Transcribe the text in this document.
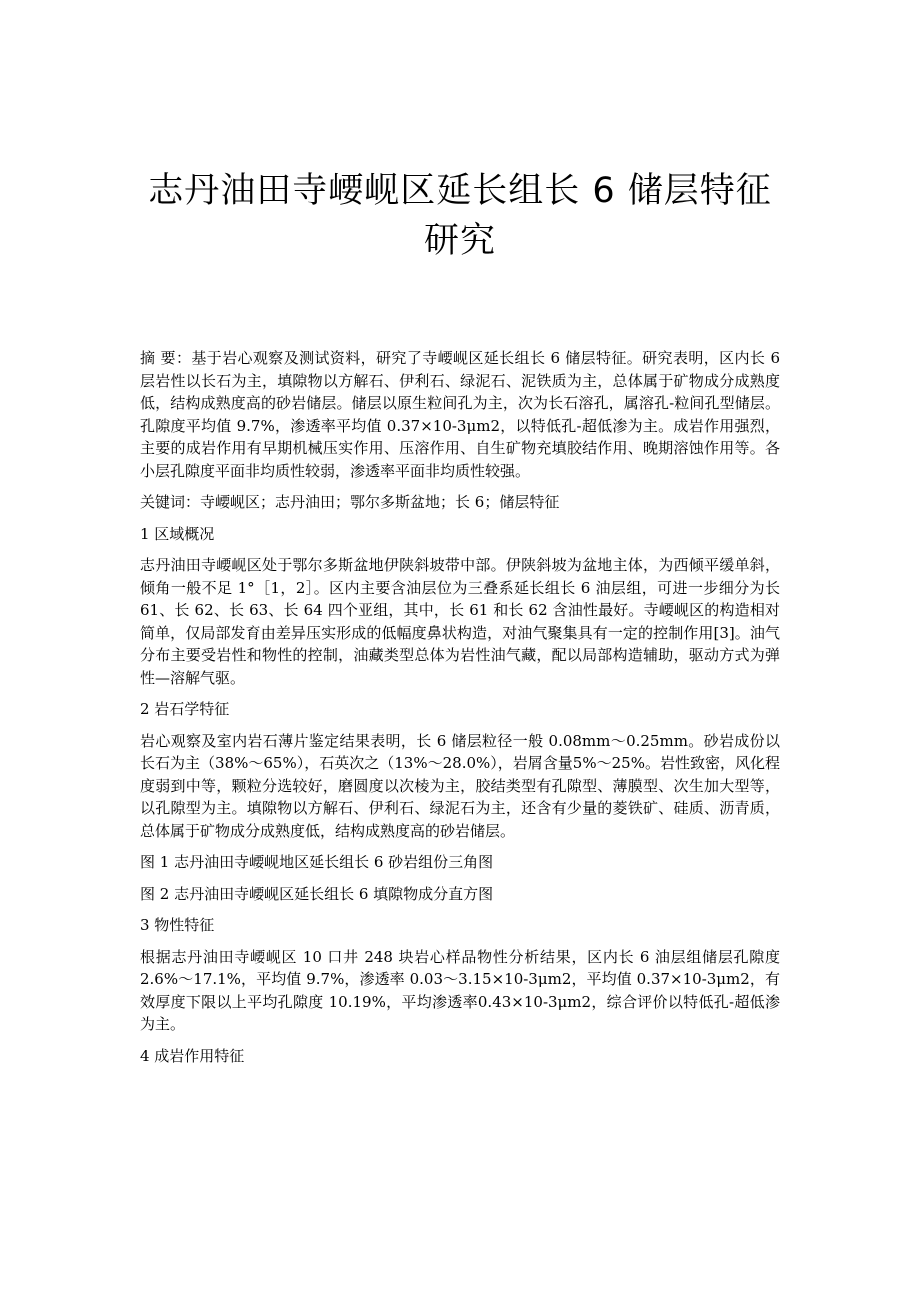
志丹油田寺崾岘区延长组长 6 储层特征
研究

摘 要：基于岩心观察及测试资料，研究了寺崾岘区延长组长 6 储层特征。研究表明，区内长 6 层岩性以长石为主，填隙物以方解石、伊利石、绿泥石、泥铁质为主，总体属于矿物成分成熟度低，结构成熟度高的砂岩储层。储层以原生粒间孔为主，次为长石溶孔，属溶孔-粒间孔型储层。孔隙度平均值 9.7%，渗透率平均值 0.37×10-3μm2，以特低孔-超低渗为主。成岩作用强烈，主要的成岩作用有早期机械压实作用、压溶作用、自生矿物充填胶结作用、晚期溶蚀作用等。各小层孔隙度平面非均质性较弱，渗透率平面非均质性较强。

关键词：寺崾岘区；志丹油田；鄂尔多斯盆地；长 6；储层特征

1 区域概况

志丹油田寺崾岘区处于鄂尔多斯盆地伊陕斜坡带中部。伊陕斜坡为盆地主体，为西倾平缓单斜，倾角一般不足 1°［1，2］。区内主要含油层位为三叠系延长组长 6 油层组，可进一步细分为长 61、长 62、长 63、长 64 四个亚组，其中，长 61 和长 62 含油性最好。寺崾岘区的构造相对简单，仅局部发育由差异压实形成的低幅度鼻状构造，对油气聚集具有一定的控制作用[3]。油气分布主要受岩性和物性的控制，油藏类型总体为岩性油气藏，配以局部构造辅助，驱动方式为弹性—溶解气驱。

2 岩石学特征

岩心观察及室内岩石薄片鉴定结果表明，长 6 储层粒径一般 0.08mm～0.25mm。砂岩成份以长石为主（38%～65%），石英次之（13%～28.0%），岩屑含量5%～25%。岩性致密，风化程度弱到中等，颗粒分选较好，磨圆度以次棱为主，胶结类型有孔隙型、薄膜型、次生加大型等，以孔隙型为主。填隙物以方解石、伊利石、绿泥石为主，还含有少量的菱铁矿、硅质、沥青质，总体属于矿物成分成熟度低，结构成熟度高的砂岩储层。

图 1 志丹油田寺崾岘地区延长组长 6 砂岩组份三角图

图 2 志丹油田寺崾岘区延长组长 6 填隙物成分直方图

3 物性特征

根据志丹油田寺崾岘区 10 口井 248 块岩心样品物性分析结果，区内长 6 油层组储层孔隙度 2.6%～17.1%，平均值 9.7%，渗透率 0.03～3.15×10-3μm2，平均值 0.37×10-3μm2，有效厚度下限以上平均孔隙度 10.19%，平均渗透率0.43×10-3μm2，综合评价以特低孔-超低渗为主。

4 成岩作用特征
